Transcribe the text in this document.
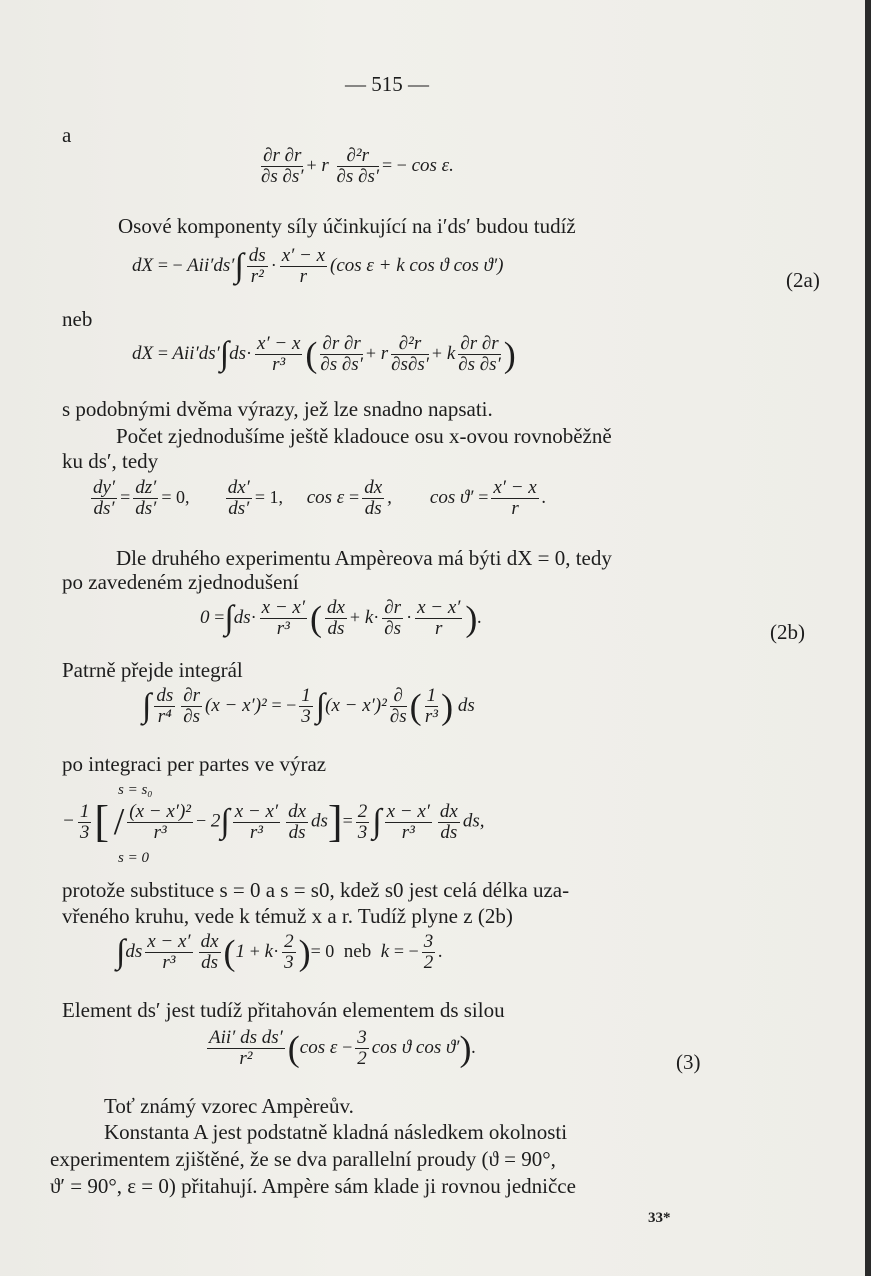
— 515 —
a
$\frac{\partial r \partial r}{\partial s \partial s'} + r \frac{\text{∂²r}}{\partial s \partial s'}$ = − cos ε.
Osové komponenty síly účinkující na i′ds′ budou tudíž
dX = − $Aii'ds'\int \frac{ds}{\text{r²}} \cdot \frac{x' - x}{r} (\cos$ ε + k cos ϑ cos ϑ′)
(2a)
neb
dX = $Aii'ds'\int ds\cdot \frac{x' - x}{\text{r³}}$ ( $\frac{\partial r \partial r}{\partial s \partial s'} + r \frac{\text{∂²r}}{\partial s\partial s'} + k \frac{\partial r \partial r}{\partial s \partial s'}$ )
s podobnými dvěma výrazy, jež lze snadno napsati.
Počet zjednodušíme ještě kladouce osu x-ovou rovnoběžně
ku ds′, tedy
$\frac{dy'}{ds'} = \frac{dz'}{ds'} = 0$, $\frac{dx'}{ds'} = 1$,     $\cos \varepsilon = \frac{dx}{ds}$ ,        $\cos ϑ' = \frac{x' - x}{r}$ .
Dle druhého experimentu Ampèreova má býti dX = 0, tedy
po zavedeném zjednodušení
$0 =\int ds\cdot \frac{x - x'}{\text{r³}}$ ( $\frac{dx}{ds} + k\cdot \frac{\partial r}{\partial s} \cdot \frac{x - x'}{r}$ ).
(2b)
Patrně přejde integrál
∫ $\frac{ds}{\text{r⁴}} \frac{\partial r}{\partial s} (x - x')^2$ = − $\frac{1}{3} \int(x - x')^2 \frac{\partial}{\partial s}$ ( $\frac{1}{\text{r³}}$ ) ds
po integraci per partes ve výraz
s = s₀
s = 0
− $\frac{1}{3}$ [ / $\frac{\text{(x − x′)²}}{\text{r³}} - 2\int \frac{x - x'}{\text{r³}} \frac{dx}{ds} ds]= \frac{2}{3}$ ∫ $\frac{x - x'}{\text{r³}} \frac{dx}{ds}$ ds,
protože substituce s = 0 a s = s0, kdež s0 jest celá délka uza-
vřeného kruhu, vede k témuž x a r. Tudíž plyne z (2b)
$\int ds \frac{x - x'}{\text{r³}} \frac{dx}{ds} (1 + k\cdot \frac{2}{3}$ )= 0 neb  k = − $\frac{3}{2}$ .
Element ds′ jest tudíž přitahován elementem ds silou
$\frac{\text{Aii′ ds ds′}}{\text{r²}} (\cos$ $\varepsilon - \frac{3}{2}$ cos ϑ cos ϑ′).
(3)
Toť známý vzorec Ampèreův.
Konstanta A jest podstatně kladná následkem okolnosti
experimentem zjištěné, že se dva parallelní proudy (ϑ = 90°,
ϑ′ = 90°, ε = 0) přitahují. Ampère sám klade ji rovnou jedničce
33*
